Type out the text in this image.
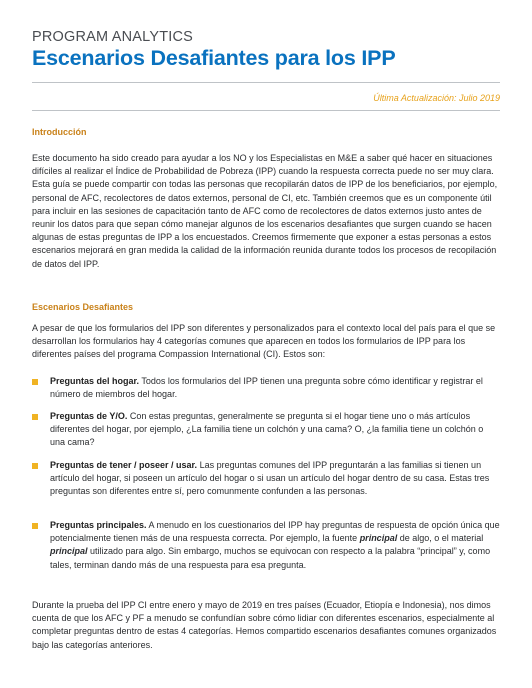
PROGRAM ANALYTICS
Escenarios Desafiantes para los IPP
Última Actualización: Julio 2019
Introducción
Este documento ha sido creado para ayudar a los NO y los Especialistas en M&E a saber qué hacer en situaciones difíciles al realizar el Índice de Probabilidad de Pobreza (IPP) cuando la respuesta correcta puede no ser muy clara. Esta guía se puede compartir con todas las personas que recopilarán datos de IPP de los beneficiarios, por ejemplo, personal de AFC, recolectores de datos externos, personal de CI, etc. También creemos que es un componente útil para incluir en las sesiones de capacitación tanto de AFC como de recolectores de datos externos justo antes de reunir los datos para que sepan cómo manejar algunos de los escenarios desafiantes que surgen cuando se hacen algunas de estas preguntas de IPP a los encuestados. Creemos firmemente que exponer a estas personas a estos escenarios mejorará en gran medida la calidad de la información reunida durante todos los procesos de recopilación de datos del IPP.
Escenarios Desafiantes
A pesar de que los formularios del IPP son diferentes y personalizados para el contexto local del país para el que se desarrollan los formularios hay 4 categorías comunes que aparecen en todos los formularios de IPP para los diferentes países del programa Compassion International (CI). Estos son:
Preguntas del hogar. Todos los formularios del IPP tienen una pregunta sobre cómo identificar y registrar el número de miembros del hogar.
Preguntas de Y/O. Con estas preguntas, generalmente se pregunta si el hogar tiene uno o más artículos diferentes del hogar, por ejemplo, ¿La familia tiene un colchón y una cama? O, ¿la familia tiene un colchón o una cama?
Preguntas de tener / poseer / usar. Las preguntas comunes del IPP preguntarán a las familias si tienen un artículo del hogar, si poseen un artículo del hogar o si usan un artículo del hogar dentro de su casa. Estas tres preguntas son diferentes entre sí, pero comunmente confunden a las personas.
Preguntas principales. A menudo en los cuestionarios del IPP hay preguntas de respuesta de opción única que potencialmente tienen más de una respuesta correcta. Por ejemplo, la fuente principal de algo, o el material principal utilizado para algo. Sin embargo, muchos se equivocan con respecto a la palabra “principal” y, como tales, terminan dando más de una respuesta para esa pregunta.
Durante la prueba del IPP CI entre enero y mayo de 2019 en tres países (Ecuador, Etiopía e Indonesia), nos dimos cuenta de que los AFC y PF a menudo se confundían sobre cómo lidiar con diferentes escenarios, especialmente al completar preguntas dentro de estas 4 categorías. Hemos compartido escenarios desafiantes comunes organizados bajo las categorías anteriores.
